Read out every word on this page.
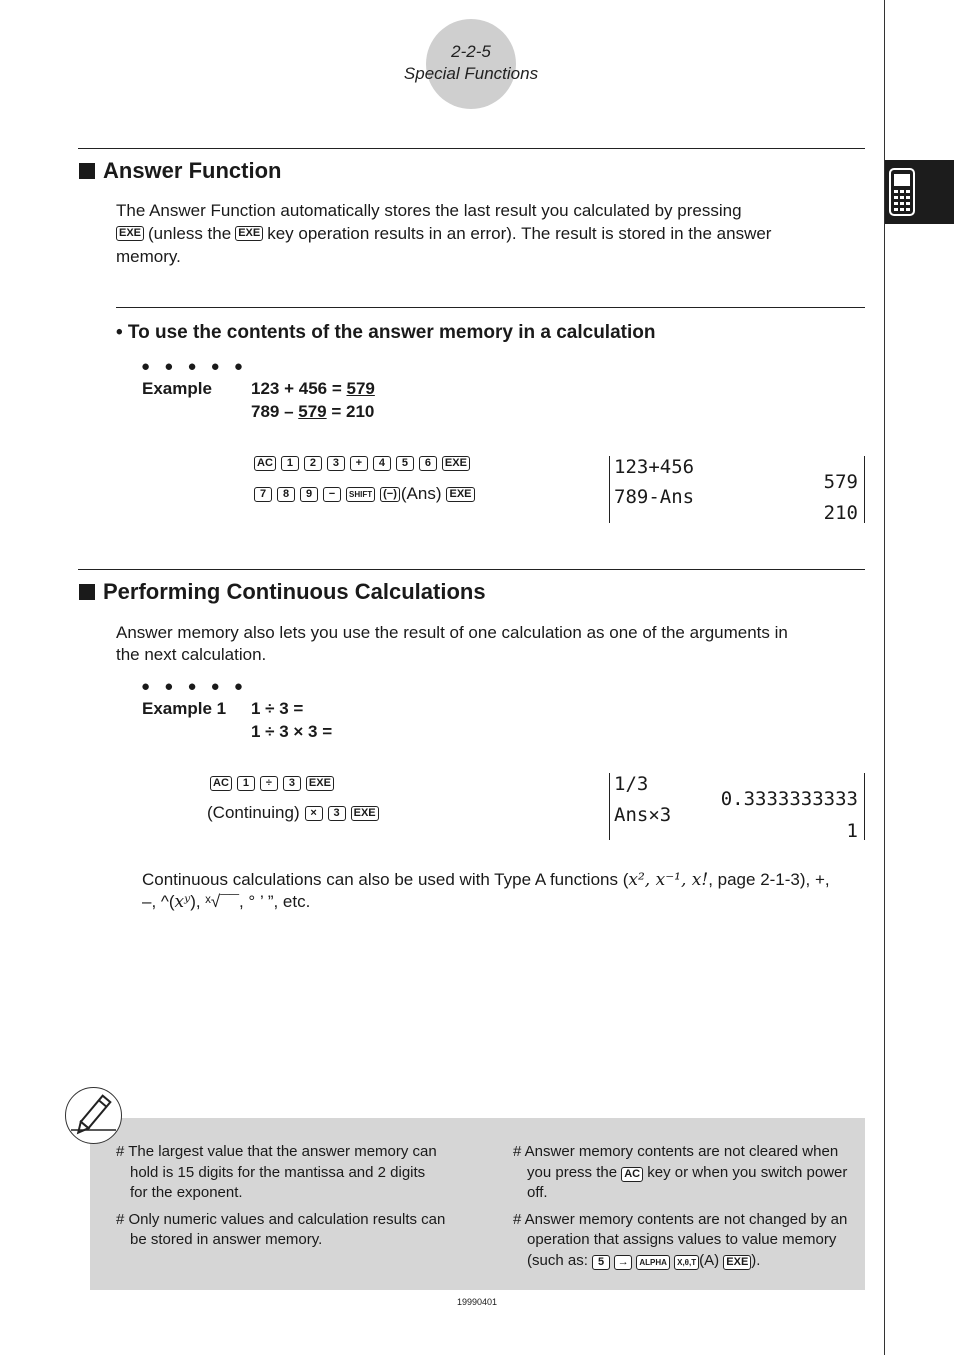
2-2-5
Special Functions
Answer Function
The Answer Function automatically stores the last result you calculated by pressing
EXE (unless the EXE key operation results in an error). The result is stored in the answer
memory.
• To use the contents of the answer memory in a calculation
● ● ● ● ●
Example 123 + 456 = 579
789 – 579 = 210
AC	1	2	3	+	4	5	6	EXE
7	8	9	−	SHIFT (−) (Ans) EXE
123+456
579
789-Ans
210
Performing Continuous Calculations
Answer memory also lets you use the result of one calculation as one of the arguments in
the next calculation.
● ● ● ● ●
Example 1 1 ÷ 3 =
1 ÷ 3 × 3 =
AC	1	÷	3	EXE
(Continuing) ×	3	EXE
1/3
0.3333333333
Ans×3
1
Continuous calculations can also be used with Type A functions (x², x⁻¹, x!, page 2-1-3), +,
–, ^(xʸ), ˣ√¯¯, ° ’ ”, etc.
# The largest value that the answer memory can hold is 15 digits for the mantissa and 2 digits for the exponent.
# Only numeric values and calculation results can be stored in answer memory.
# Answer memory contents are not cleared when you press the AC key or when you switch power off.
# Answer memory contents are not changed by an operation that assigns values to value memory (such as: 5 → ALPHA X,θ,T (A) EXE ).
19990401
